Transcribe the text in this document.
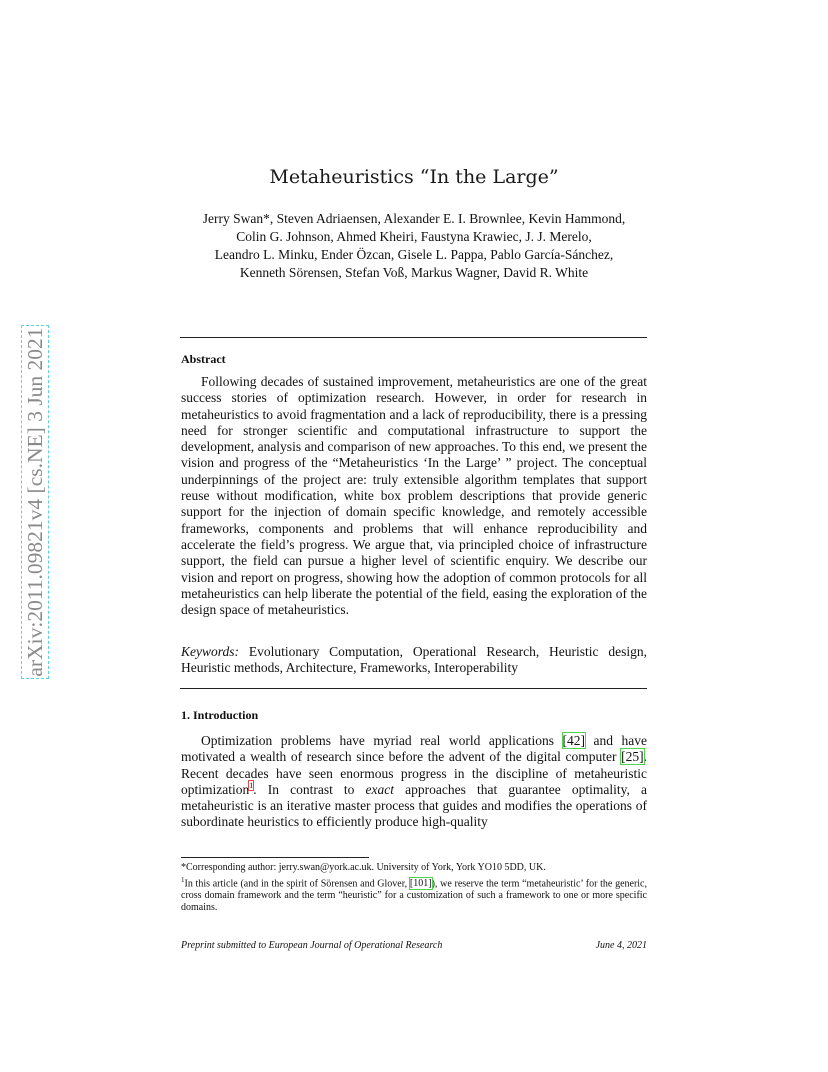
arXiv:2011.09821v4 [cs.NE] 3 Jun 2021
Metaheuristics “In the Large”
Jerry Swan*, Steven Adriaensen, Alexander E. I. Brownlee, Kevin Hammond,
Colin G. Johnson, Ahmed Kheiri, Faustyna Krawiec, J. J. Merelo,
Leandro L. Minku, Ender Özcan, Gisele L. Pappa, Pablo García-Sánchez,
Kenneth Sörensen, Stefan Voß, Markus Wagner, David R. White
Abstract
Following decades of sustained improvement, metaheuristics are one of the great success stories of optimization research. However, in order for research in metaheuristics to avoid fragmentation and a lack of reproducibility, there is a pressing need for stronger scientific and computational infrastructure to support the development, analysis and comparison of new approaches. To this end, we present the vision and progress of the “Metaheuristics ‘In the Large’ ” project. The conceptual underpinnings of the project are: truly extensible algorithm templates that support reuse without modification, white box problem descriptions that provide generic support for the injection of domain specific knowledge, and remotely accessible frameworks, components and problems that will enhance reproducibility and accelerate the field’s progress. We argue that, via principled choice of infrastructure support, the field can pursue a higher level of scientific enquiry. We describe our vision and report on progress, showing how the adoption of common protocols for all metaheuristics can help liberate the potential of the field, easing the exploration of the design space of metaheuristics.
Keywords: Evolutionary Computation, Operational Research, Heuristic design, Heuristic methods, Architecture, Frameworks, Interoperability
1. Introduction
Optimization problems have myriad real world applications [42] and have motivated a wealth of research since before the advent of the digital computer [25]. Recent decades have seen enormous progress in the discipline of metaheuristic optimization$^1$. In contrast to exact approaches that guarantee optimality, a metaheuristic is an iterative master process that guides and modifies the operations of subordinate heuristics to efficiently produce high-quality

*Corresponding author: jerry.swan@york.ac.uk. University of York, York YO10 5DD, UK.

$^1$In this article (and in the spirit of Sörensen and Glover, [101]), we reserve the term “metaheuristic’ for the generic, cross domain framework and the term “heuristic” for a customization of such a framework to one or more specific domains.

Preprint submitted to European Journal of Operational Research	June 4, 2021
